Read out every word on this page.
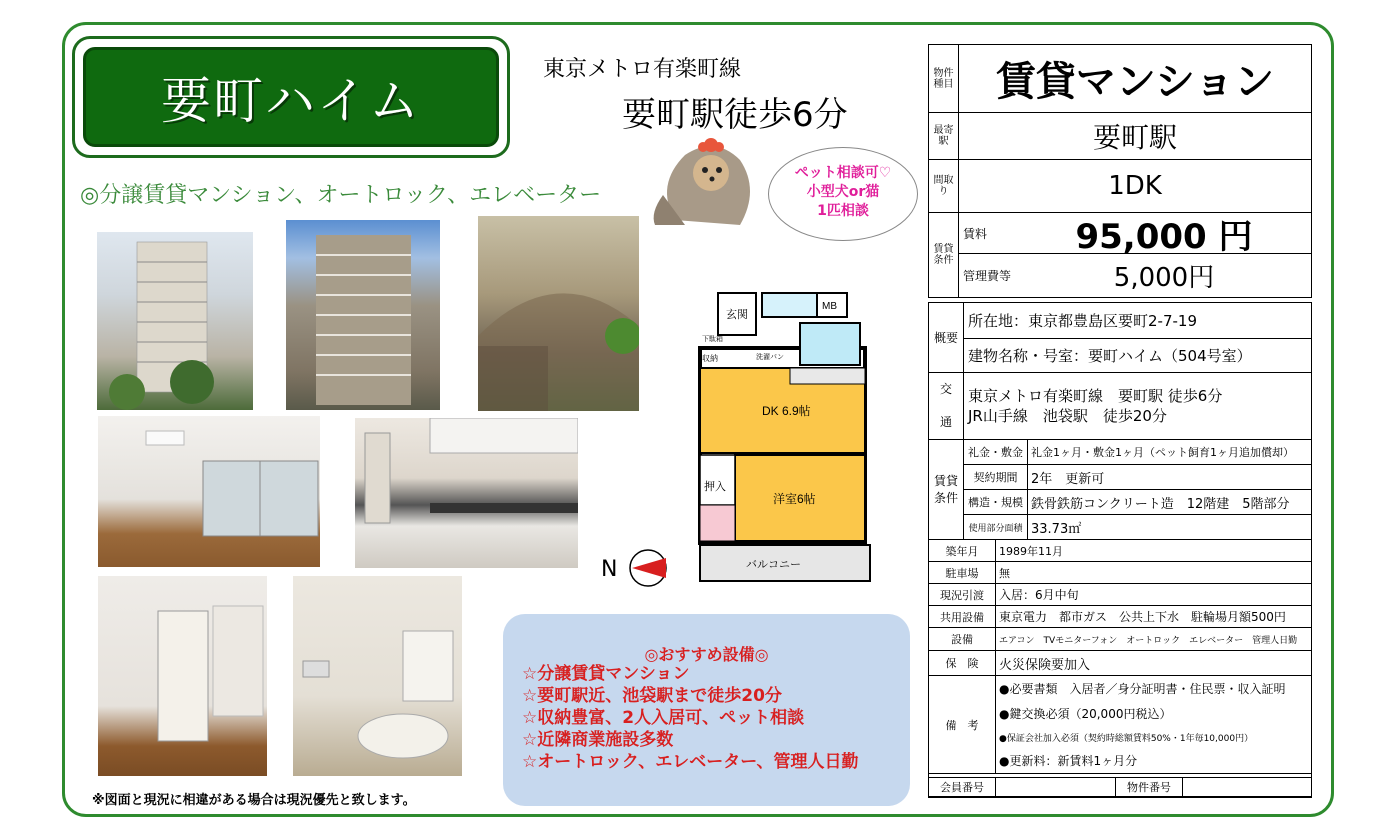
要町ハイム
東京メトロ有楽町線
要町駅徒歩6分
◎分譲賃貸マンション、オートロック、エレベーター
ペット相談可♡
小型犬or猫
1匹相談
玄関
MB
下駄箱
収納	洗濯パン
DK 6.9帖
押入
洋室6帖
バルコニー
N
◎おすすめ設備◎
☆分譲賃貸マンション
☆要町駅近、池袋駅まで徒歩20分
☆収納豊富、2人入居可、ペット相談
☆近隣商業施設多数
☆オートロック、エレベーター、管理人日勤
※図面と現況に相違がある場合は現況優先と致します。
物件種目	賃貸マンション
最寄駅	要町駅
間取り	1DK
賃貸条件
賃料	95,000 円
管理費等	5,000円
概要
所在地：東京都豊島区要町2-7-19
建物名称・号室：要町ハイム（504号室）
交
通
東京メトロ有楽町線　要町駅 徒歩6分
JR山手線　池袋駅　徒歩20分
賃貸条件
礼金・敷金 礼金1ヶ月・敷金1ヶ月（ペット飼育1ヶ月追加償却）
契約期間	2年　更新可
構造・規模 鉄骨鉄筋コンクリート造　12階建　5階部分
使用部分面積 33.73㎡
築年月	1989年11月
駐車場	無
現況引渡	入居：6月中旬
共用設備	東京電力　都市ガス　公共上下水　駐輪場月額500円
設備	エアコン　TVモニターフォン　オートロック　エレベーター　管理人日勤
保　険	火災保険要加入
備　考
●必要書類　入居者／身分証明書・住民票・収入証明
●鍵交換必須（20,000円税込）
●保証会社加入必須（契約時総額賃料50%・1年毎10,000円）
●更新料：新賃料1ヶ月分
会員番号	物件番号
